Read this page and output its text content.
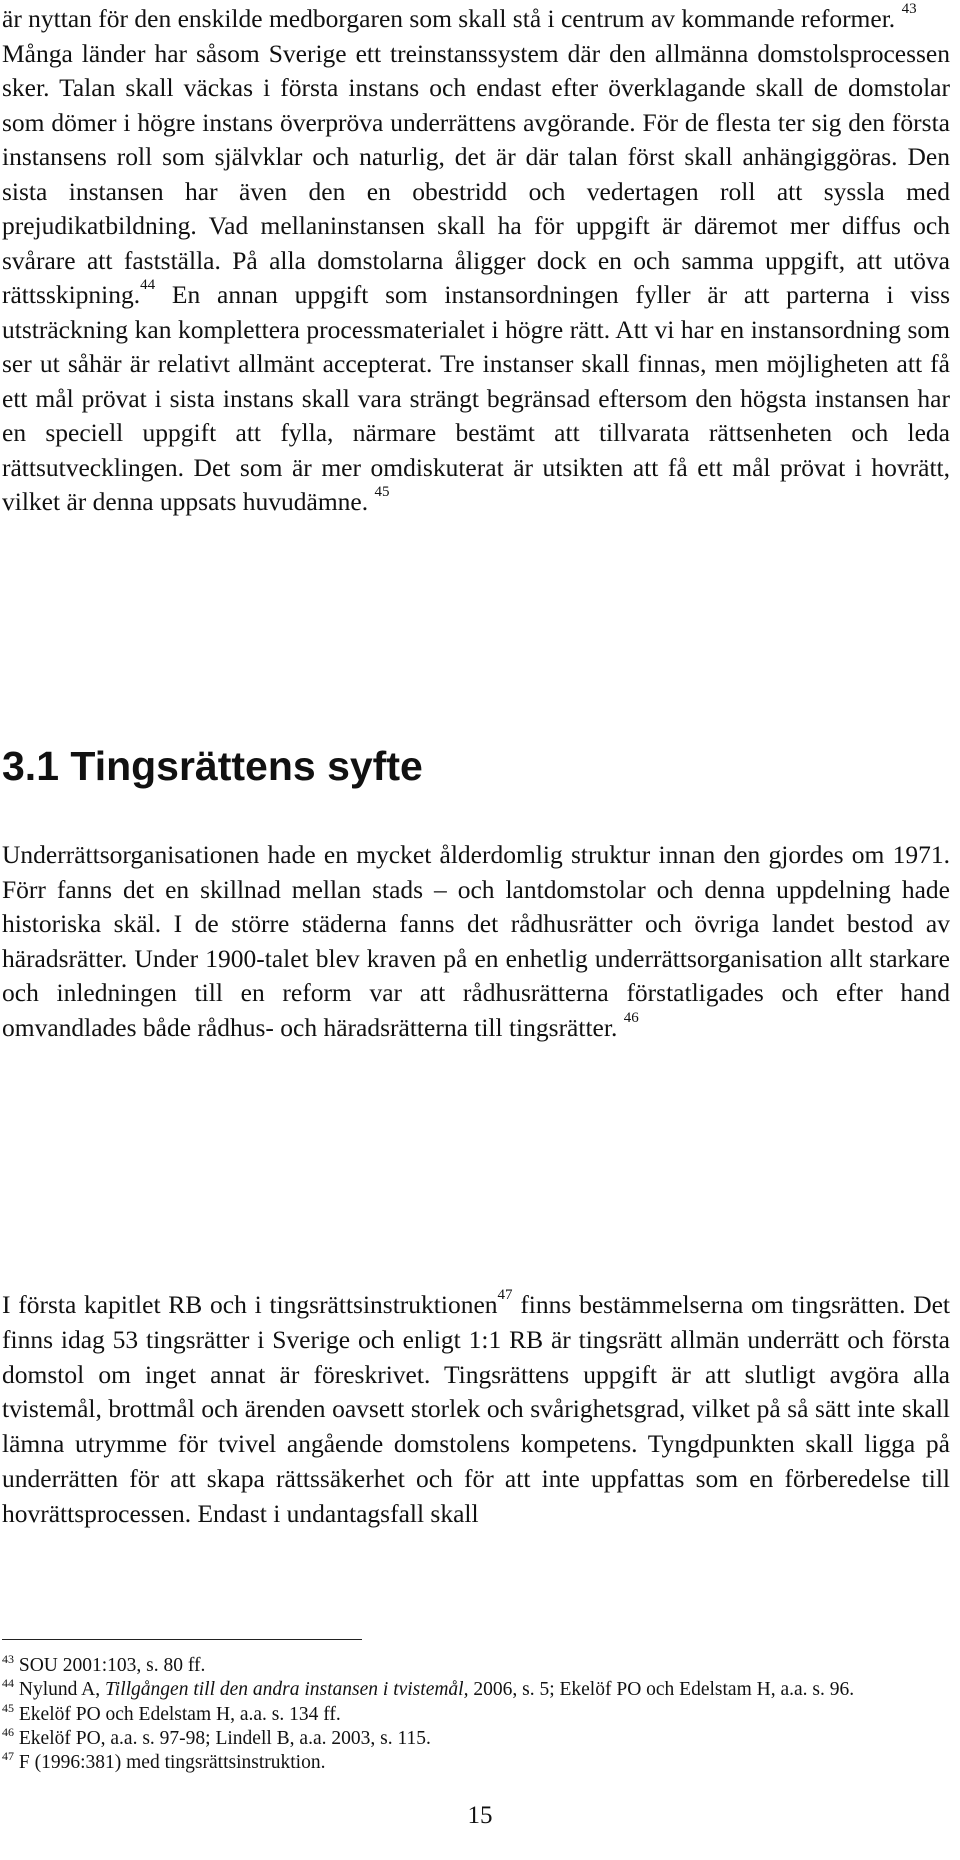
är nyttan för den enskilde medborgaren som skall stå i centrum av kommande reformer. $^{43}$

Många länder har såsom Sverige ett treinstanssystem där den allmänna domstolsprocessen sker. Talan skall väckas i första instans och endast efter överklagande skall de domstolar som dömer i högre instans överpröva underrättens avgörande. För de flesta ter sig den första instansens roll som självklar och naturlig, det är där talan först skall anhängiggöras. Den sista instansen har även den en obestridd och vedertagen roll att syssla med prejudikatbildning. Vad mellaninstansen skall ha för uppgift är däremot mer diffus och svårare att fastställa. På alla domstolarna åligger dock en och samma uppgift, att utöva rättsskipning.$^{44}$ En annan uppgift som instansordningen fyller är att parterna i viss utsträckning kan komplettera processmaterialet i högre rätt. Att vi har en instansordning som ser ut såhär är relativt allmänt accepterat. Tre instanser skall finnas, men möjligheten att få ett mål prövat i sista instans skall vara strängt begränsad eftersom den högsta instansen har en speciell uppgift att fylla, närmare bestämt att tillvarata rättsenheten och leda rättsutvecklingen. Det som är mer omdiskuterat är utsikten att få ett mål prövat i hovrätt, vilket är denna uppsats huvudämne. $^{45}$

3.1 Tingsrättens syfte

Underrättsorganisationen hade en mycket ålderdomlig struktur innan den gjordes om 1971. Förr fanns det en skillnad mellan stads – och lantdomstolar och denna uppdelning hade historiska skäl. I de större städerna fanns det rådhusrätter och övriga landet bestod av häradsrätter. Under 1900-talet blev kraven på en enhetlig underrättsorganisation allt starkare och inledningen till en reform var att rådhusrätterna förstatligades och efter hand omvandlades både rådhus- och häradsrätterna till tingsrätter. $^{46}$

I första kapitlet RB och i tingsrättsinstruktionen$^{47}$ finns bestämmelserna om tingsrätten. Det finns idag 53 tingsrätter i Sverige och enligt 1:1 RB är tingsrätt allmän underrätt och första domstol om inget annat är föreskrivet. Tingsrättens uppgift är att slutligt avgöra alla tvistemål, brottmål och ärenden oavsett storlek och svårighetsgrad, vilket på så sätt inte skall lämna utrymme för tvivel angående domstolens kompetens. Tyngdpunkten skall ligga på underrätten för att skapa rättssäkerhet och för att inte uppfattas som en förberedelse till hovrättsprocessen. Endast i undantagsfall skall

$^{43}$ SOU 2001:103, s. 80 ff.
$^{44}$ Nylund A, Tillgången till den andra instansen i tvistemål, 2006, s. 5; Ekelöf PO och Edelstam H, a.a. s. 96.
$^{45}$ Ekelöf PO och Edelstam H, a.a. s. 134 ff.
$^{46}$ Ekelöf PO, a.a. s. 97-98; Lindell B, a.a. 2003, s. 115.
$^{47}$ F (1996:381) med tingsrättsinstruktion.
15
